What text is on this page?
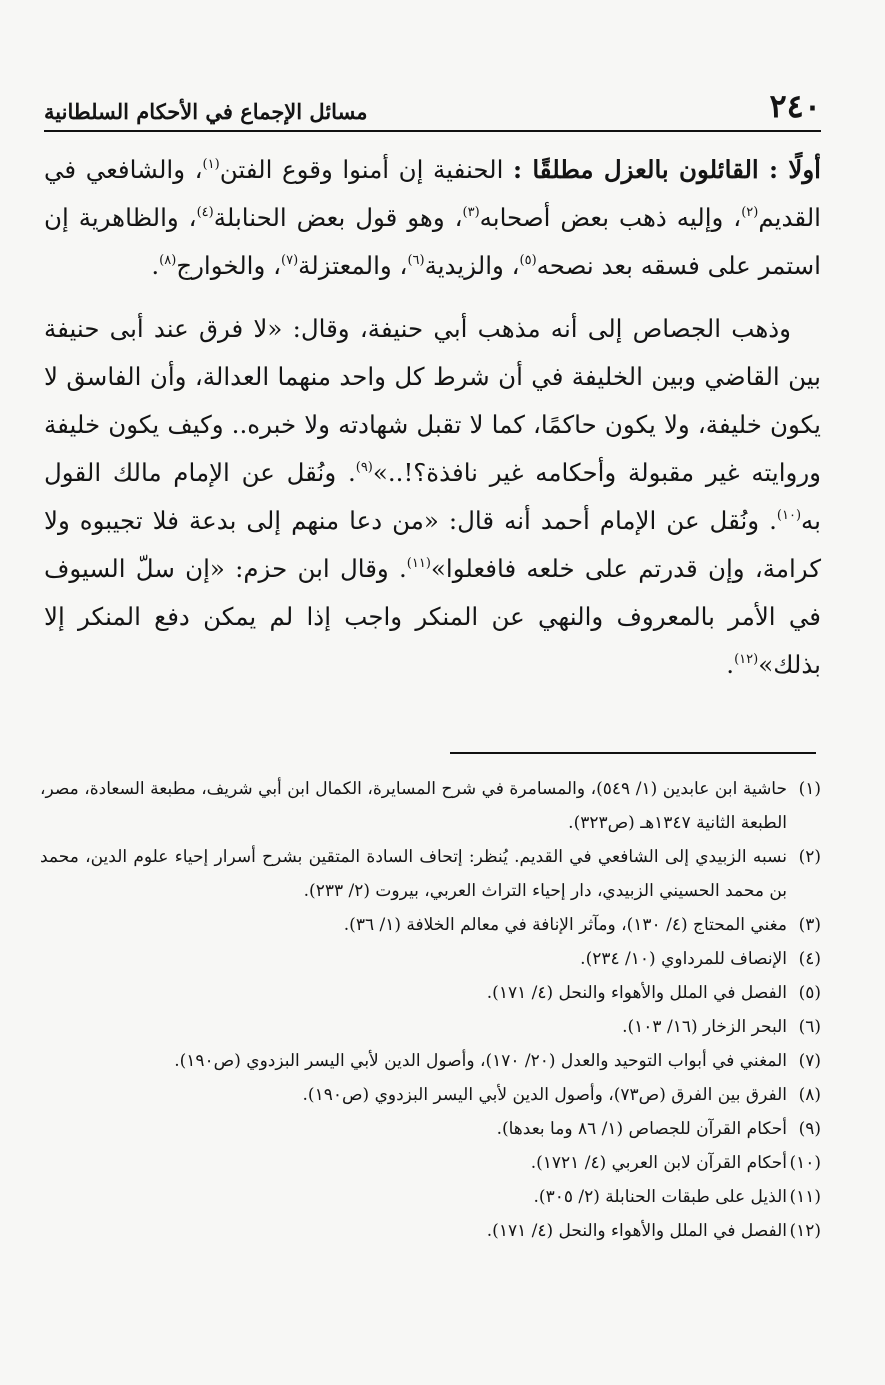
٢٤٠
مسائل الإجماع في الأحكام السلطانية

أولًا : القائلون بالعزل مطلقًا : الحنفية إن أمنوا وقوع الفتن$^{(١)}$، والشافعي في القديم$^{(٢)}$، وإليه ذهب بعض أصحابه$^{(٣)}$، وهو قول بعض الحنابلة$^{(٤)}$، والظاهرية إن استمر على فسقه بعد نصحه$^{(٥)}$، والزيدية$^{(٦)}$، والمعتزلة$^{(٧)}$، والخوارج$^{(٨)}$.

وذهب الجصاص إلى أنه مذهب أبي حنيفة، وقال: «لا فرق عند أبى حنيفة بين القاضي وبين الخليفة في أن شرط كل واحد منهما العدالة، وأن الفاسق لا يكون خليفة، ولا يكون حاكمًا، كما لا تقبل شهادته ولا خبره.. وكيف يكون خليفة وروايته غير مقبولة وأحكامه غير نافذة؟!..»$^{(٩)}$. ونُقل عن الإمام مالك القول به$^{(١٠)}$. ونُقل عن الإمام أحمد أنه قال: «من دعا منهم إلى بدعة فلا تجيبوه ولا كرامة، وإن قدرتم على خلعه فافعلوا»$^{(١١)}$. وقال ابن حزم: «إن سلّ السيوف في الأمر بالمعروف والنهي عن المنكر واجب إذا لم يمكن دفع المنكر إلا بذلك»$^{(١٢)}$.

(١)
حاشية ابن عابدين (١/ ٥٤٩)، والمسامرة في شرح المسايرة، الكمال ابن أبي شريف، مطبعة السعادة، مصر، الطبعة الثانية ١٣٤٧هـ (ص٣٢٣).
(٢)
نسبه الزبيدي إلى الشافعي في القديم. يُنظر: إتحاف السادة المتقين بشرح أسرار إحياء علوم الدين، محمد بن محمد الحسيني الزبيدي، دار إحياء التراث العربي، بيروت (٢/ ٢٣٣).
(٣)
مغني المحتاج (٤/ ١٣٠)، ومآثر الإنافة في معالم الخلافة (١/ ٣٦).
(٤)
الإنصاف للمرداوي (١٠/ ٢٣٤).
(٥)
الفصل في الملل والأهواء والنحل (٤/ ١٧١).
(٦)
البحر الزخار (١٦/ ١٠٣).
(٧)
المغني في أبواب التوحيد والعدل (٢٠/ ١٧٠)، وأصول الدين لأبي اليسر البزدوي (ص١٩٠).
(٨)
الفرق بين الفرق (ص٧٣)، وأصول الدين لأبي اليسر البزدوي (ص١٩٠).
(٩)
أحكام القرآن للجصاص (١/ ٨٦ وما بعدها).
(١٠)
أحكام القرآن لابن العربي (٤/ ١٧٢١).
(١١)
الذيل على طبقات الحنابلة (٢/ ٣٠٥).
(١٢)
الفصل في الملل والأهواء والنحل (٤/ ١٧١).
